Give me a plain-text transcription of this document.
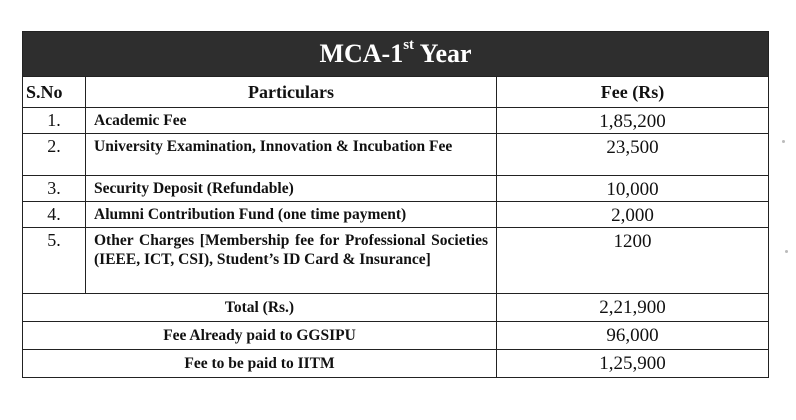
MCA-1st Year		
S.No	Particulars	Fee (Rs)
1.	Academic Fee	1,85,200
2.	University Examination, Innovation & Incubation Fee	23,500
3.	Security Deposit (Refundable)	10,000
4.	Alumni Contribution Fund (one time payment)	2,000
5.	Other Charges [Membership fee for Professional Societies (IEEE, ICT, CSI), Student’s ID Card & Insurance]	1200
Total (Rs.)		2,21,900
Fee Already paid to GGSIPU		96,000
Fee to be paid to IITM		1,25,900
